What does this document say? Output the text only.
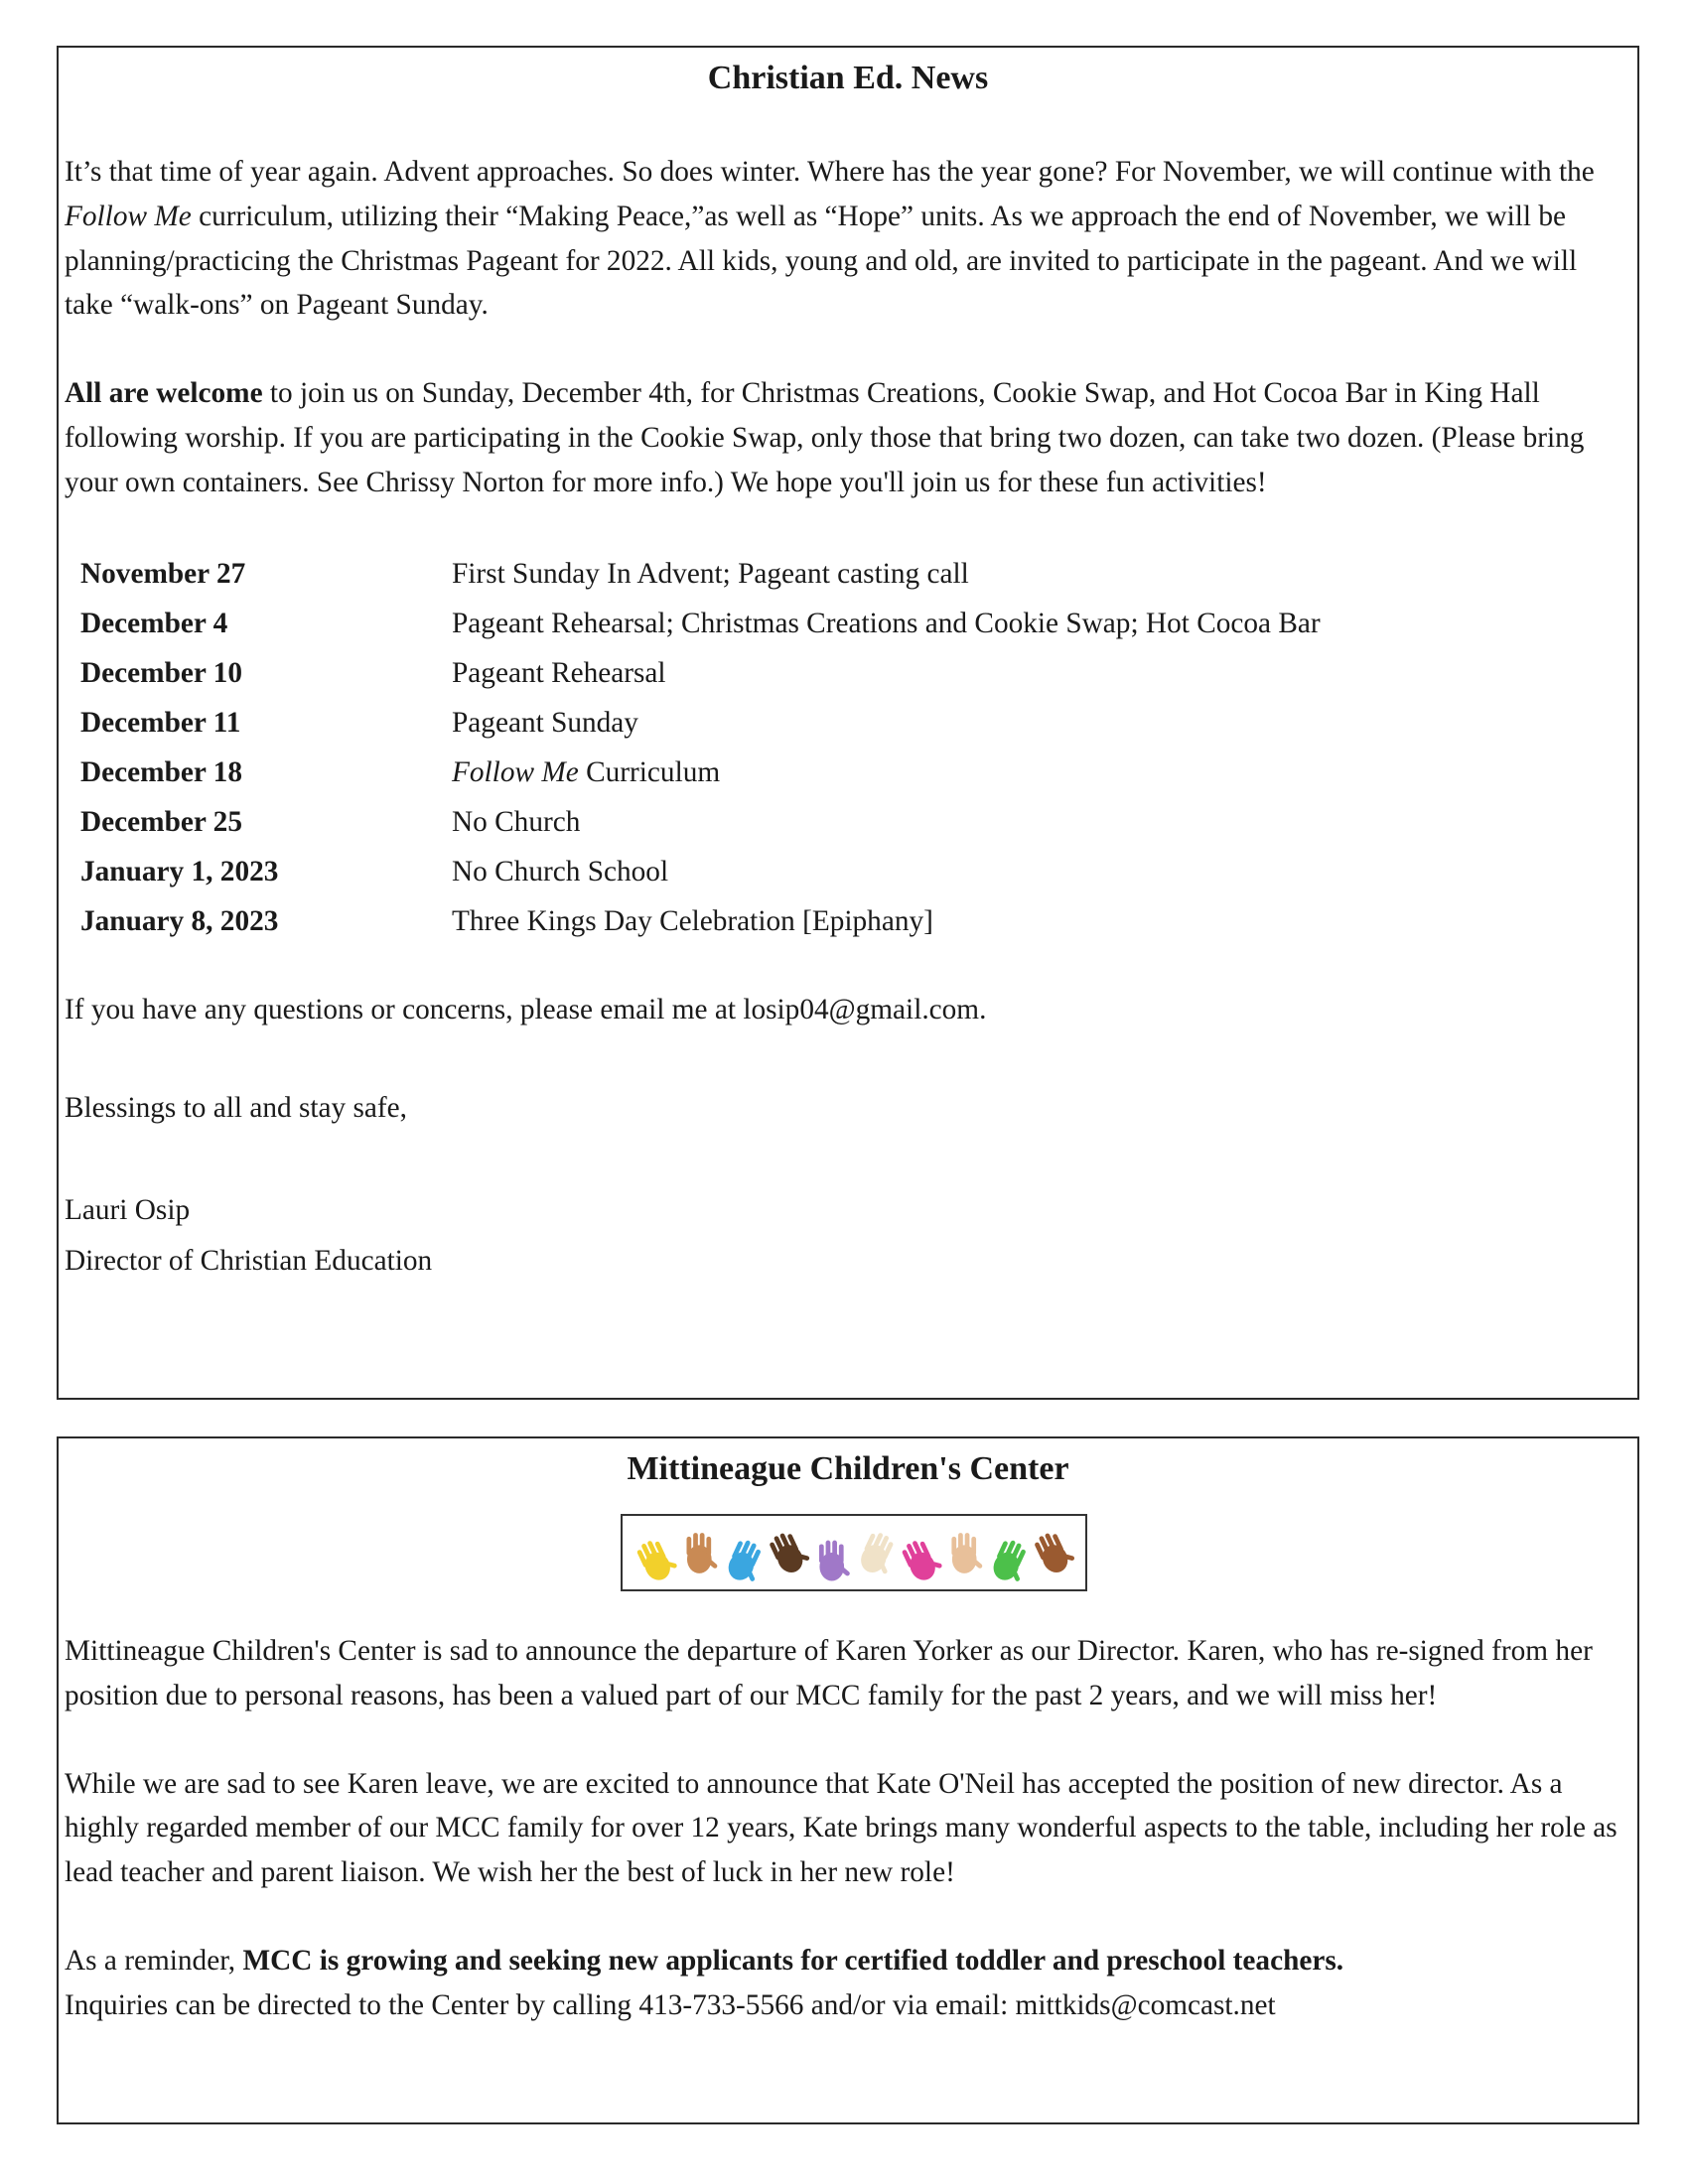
Christian Ed. News

It’s that time of year again. Advent approaches. So does winter. Where has the year gone? For November, we will continue with the Follow Me curriculum, utilizing their “Making Peace,”as well as “Hope” units. As we approach the end of November, we will be planning/practicing the Christmas Pageant for 2022. All kids, young and old, are invited to participate in the pageant. And we will take “walk-ons” on Pageant Sunday.

All are welcome to join us on Sunday, December 4th, for Christmas Creations, Cookie Swap, and Hot Cocoa Bar in King Hall following worship. If you are participating in the Cookie Swap, only those that bring two dozen, can take two dozen. (Please bring your own containers. See Chrissy Norton for more info.) We hope you'll join us for these fun activities!

November 27	First Sunday In Advent; Pageant casting call
December 4	Pageant Rehearsal; Christmas Creations and Cookie Swap; Hot Cocoa Bar
December 10	Pageant Rehearsal
December 11	Pageant Sunday
December 18	Follow Me Curriculum
December 25	No Church
January 1, 2023	No Church School
January 8, 2023	Three Kings Day Celebration [Epiphany]

If you have any questions or concerns, please email me at losip04@gmail.com.

Blessings to all and stay safe,

Lauri Osip
Director of Christian Education

Mittineague Children's Center

Mittineague Children's Center is sad to announce the departure of Karen Yorker as our Director. Karen, who has re-signed from her position due to personal reasons, has been a valued part of our MCC family for the past 2 years, and we will miss her!

While we are sad to see Karen leave, we are excited to announce that Kate O'Neil has accepted the position of new director. As a highly regarded member of our MCC family for over 12 years, Kate brings many wonderful aspects to the table, including her role as lead teacher and parent liaison. We wish her the best of luck in her new role!

As a reminder, MCC is growing and seeking new applicants for certified toddler and preschool teachers.
Inquiries can be directed to the Center by calling 413-733-5566 and/or via email: mittkids@comcast.net
